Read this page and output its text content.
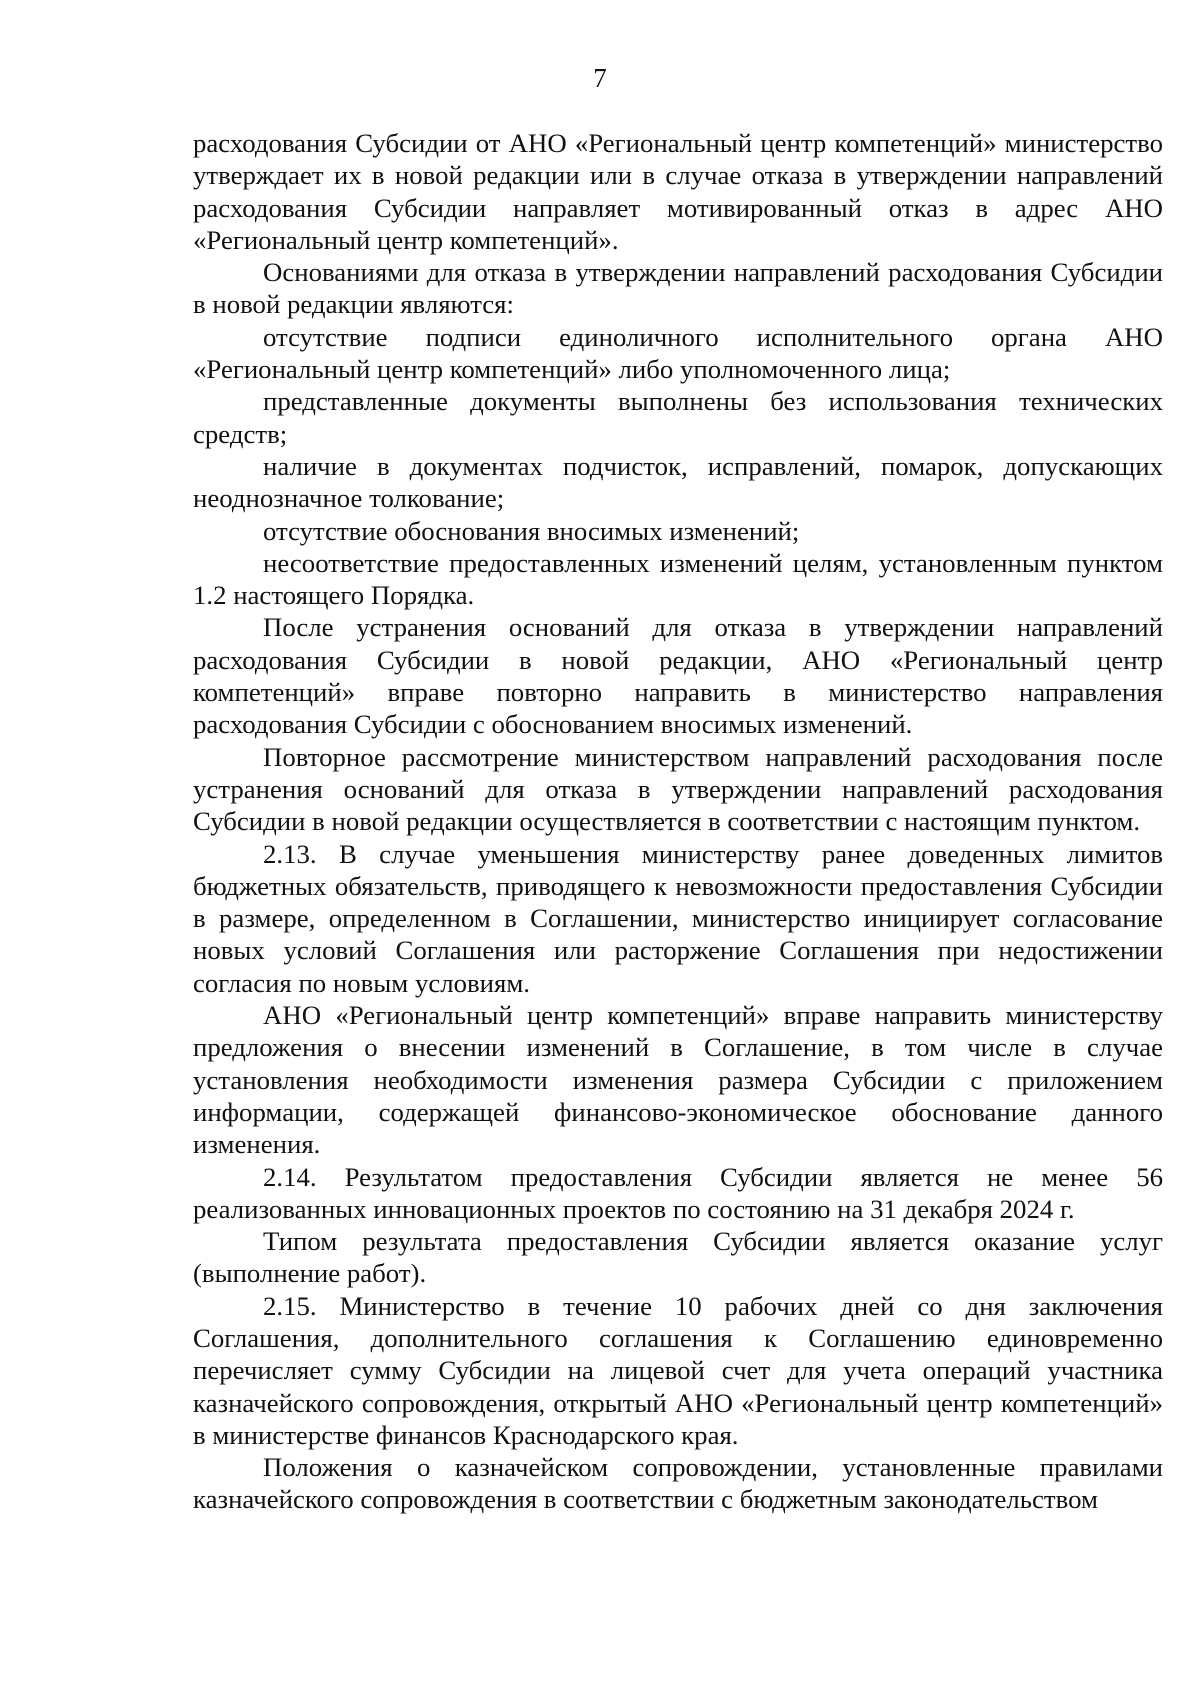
7

расходования Субсидии от АНО «Региональный центр компетенций» министерство утверждает их в новой редакции или в случае отказа в утверждении направлений расходования Субсидии направляет мотивированный отказ в адрес АНО «Региональный центр компетенций».

Основаниями для отказа в утверждении направлений расходования Субсидии в новой редакции являются:

отсутствие подписи единоличного исполнительного органа АНО «Региональный центр компетенций» либо уполномоченного лица;

представленные документы выполнены без использования технических средств;

наличие в документах подчисток, исправлений, помарок, допускающих неоднозначное толкование;

отсутствие обоснования вносимых изменений;

несоответствие предоставленных изменений целям, установленным пунктом 1.2 настоящего Порядка.

После устранения оснований для отказа в утверждении направлений расходования Субсидии в новой редакции, АНО «Региональный центр компетенций» вправе повторно направить в министерство направления расходования Субсидии с обоснованием вносимых изменений.

Повторное рассмотрение министерством направлений расходования после устранения оснований для отказа в утверждении направлений расходования Субсидии в новой редакции осуществляется в соответствии с настоящим пунктом.

2.13. В случае уменьшения министерству ранее доведенных лимитов бюджетных обязательств, приводящего к невозможности предоставления Субсидии в размере, определенном в Соглашении, министерство инициирует согласование новых условий Соглашения или расторжение Соглашения при недостижении согласия по новым условиям.

АНО «Региональный центр компетенций» вправе направить министерству предложения о внесении изменений в Соглашение, в том числе в случае установления необходимости изменения размера Субсидии с приложением информации, содержащей финансово-экономическое обоснование данного изменения.

2.14. Результатом предоставления Субсидии является не менее 56 реализованных инновационных проектов по состоянию на 31 декабря 2024 г.

Типом результата предоставления Субсидии является оказание услуг (выполнение работ).

2.15. Министерство в течение 10 рабочих дней со дня заключения Соглашения, дополнительного соглашения к Соглашению единовременно перечисляет сумму Субсидии на лицевой счет для учета операций участника казначейского сопровождения, открытый АНО «Региональный центр компетенций» в министерстве финансов Краснодарского края.

Положения о казначейском сопровождении, установленные правилами казначейского сопровождения в соответствии с бюджетным законодательством
